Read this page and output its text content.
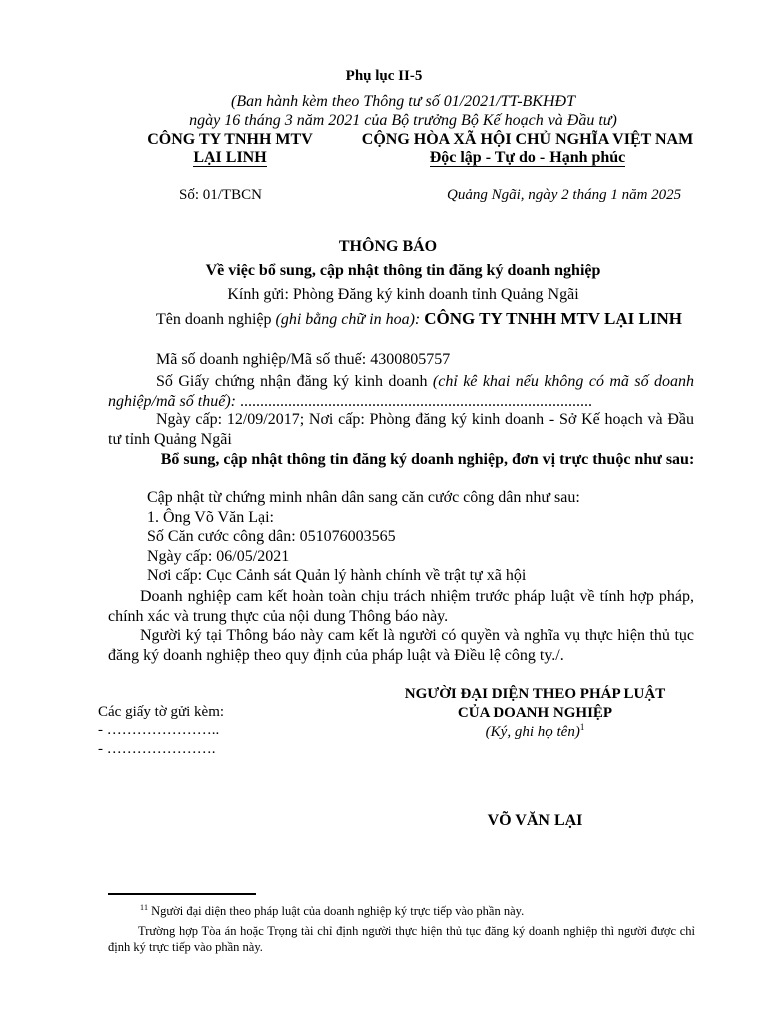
Phụ lục II-5
(Ban hành kèm theo Thông tư số 01/2021/TT-BKHĐT
ngày 16 tháng 3 năm 2021 của Bộ trưởng Bộ Kế hoạch và Đầu tư)
CÔNG TY TNHH MTV
LẠI LINH
CỘNG HÒA XÃ HỘI CHỦ NGHĨA VIỆT NAM
Độc lập - Tự do - Hạnh phúc
Số: 01/TBCN	Quảng Ngãi, ngày 2 tháng 1 năm 2025
THÔNG BÁO
Về việc bổ sung, cập nhật thông tin đăng ký doanh nghiệp
Kính gửi: Phòng Đăng ký kinh doanh tỉnh Quảng Ngãi
Tên doanh nghiệp (ghi bằng chữ in hoa): CÔNG TY TNHH MTV LẠI LINH
Mã số doanh nghiệp/Mã số thuế: 4300805757
Số Giấy chứng nhận đăng ký kinh doanh (chỉ kê khai nếu không có mã số doanh nghiệp/mã số thuế): ........................................................................................
Ngày cấp: 12/09/2017; Nơi cấp: Phòng đăng ký kinh doanh - Sở Kế hoạch và Đầu tư tỉnh Quảng Ngãi
Bổ sung, cập nhật thông tin đăng ký doanh nghiệp, đơn vị trực thuộc như sau:
Cập nhật từ chứng minh nhân dân sang căn cước công dân như sau:
1. Ông Võ Văn Lại:
Số Căn cước công dân: 051076003565
Ngày cấp: 06/05/2021
Nơi cấp: Cục Cảnh sát Quản lý hành chính về trật tự xã hội
Doanh nghiệp cam kết hoàn toàn chịu trách nhiệm trước pháp luật về tính hợp pháp, chính xác và trung thực của nội dung Thông báo này.
Người ký tại Thông báo này cam kết là người có quyền và nghĩa vụ thực hiện thủ tục đăng ký doanh nghiệp theo quy định của pháp luật và Điều lệ công ty./.
NGƯỜI ĐẠI DIỆN THEO PHÁP LUẬT
CỦA DOANH NGHIỆP
(Ký, ghi họ tên)$^1$
VÕ VĂN LẠI
Các giấy tờ gửi kèm:
- …………………..
- ………………….
$^{11}$ Người đại diện theo pháp luật của doanh nghiệp ký trực tiếp vào phần này.
Trường hợp Tòa án hoặc Trọng tài chỉ định người thực hiện thủ tục đăng ký doanh nghiệp thì người được chỉ định ký trực tiếp vào phần này.
